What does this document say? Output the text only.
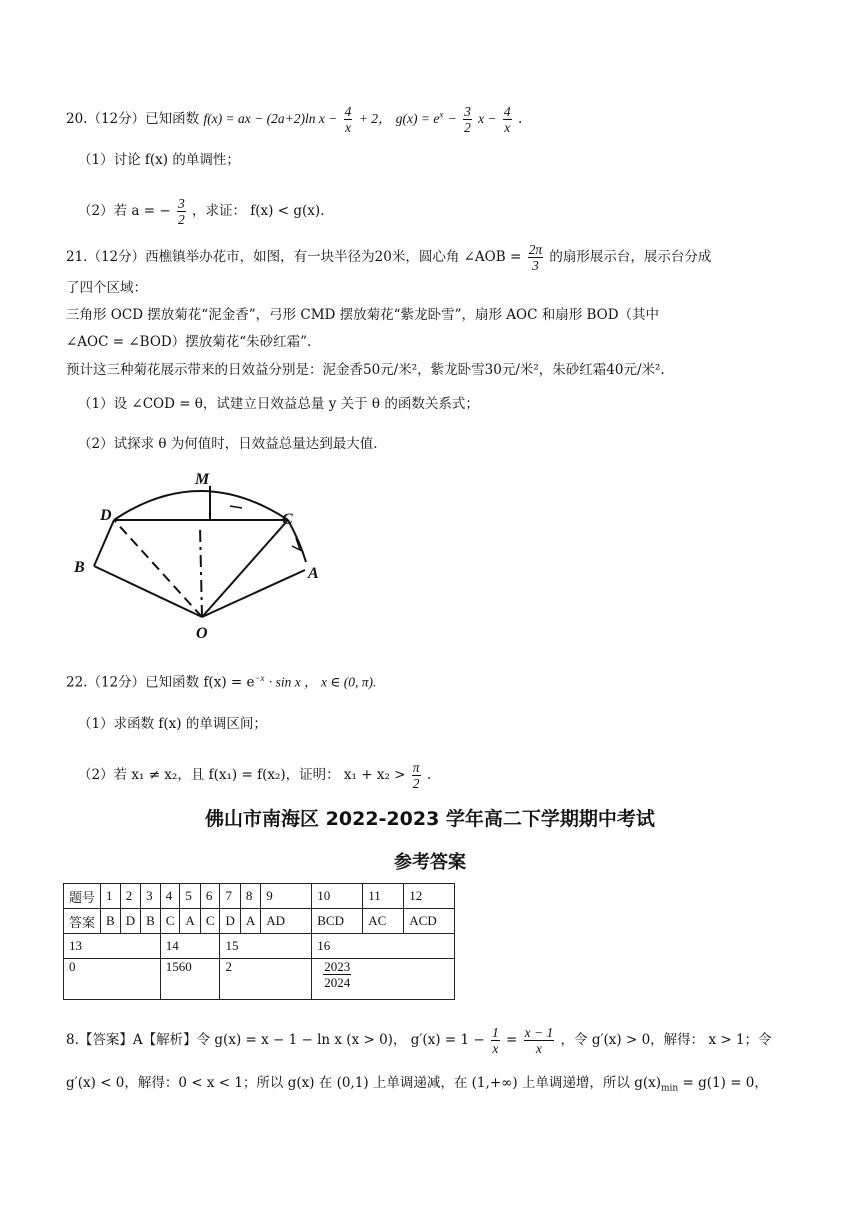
20.（12分）已知函数 f(x) = ax − (2a+2)ln $x - \frac{4}{x} + 2$， $g(x) = e^x - \frac{3}{2}$ $x - \frac{4}{x}$ .
（1）讨论 f(x) 的单调性；
（2）若 a = − $\frac{3}{2}$ ，求证： f(x) < g(x).
21.（12分）西樵镇举办花市，如图，有一块半径为20米，圆心角 ∠AOB = $\frac{2\pi}{3}$ 的扇形展示台，展示台分成
了四个区域：
三角形 OCD 摆放菊花“泥金香”，弓形 CMD 摆放菊花“紫龙卧雪”，扇形 AOC 和扇形 BOD（其中
∠AOC = ∠BOD）摆放菊花“朱砂红霜”.
预计这三种菊花展示带来的日效益分别是：泥金香50元/米²，紫龙卧雪30元/米²，朱砂红霜40元/米².
（1）设 ∠COD = θ，试建立日效益总量 y 关于 θ 的函数关系式；
（2）试探求 θ 为何值时，日效益总量达到最大值.
M
D	C
B	A
O
22.（12分）已知函数 $f(x) = e^{-x} \cdot \sin x$ ， x ∈ (0, π).
（1）求函数 f(x) 的单调区间；
（2）若 x₁ ≠ x₂，且 f(x₁) = f(x₂)，证明： $x_1 + x_2 > \frac{\pi}{2}$ .
佛山市南海区 2022-2023 学年高二下学期期中考试
参考答案
题号	1	2	3	4	5	6	7	8	9	10	11	12
答案	B	D	B	C	A	C	D	A	AD	BCD	AC	ACD
13				14			15			16		
0				1560			2			$\frac{2023}{2024}$
8.【答案】A【解析】令 g(x) = x − 1 − ln x (x > 0)， $g'(x) = 1 - \frac{1}{x} = \frac{x - 1}{x}$ ，令 g′(x) > 0，解得： x > 1；令
g′(x) < 0，解得：0 < x < 1；所以 g(x) 在 (0,1) 上单调递减，在 (1,+∞) 上单调递增，所以 $g(x)_{min} = g(1) = 0$，
